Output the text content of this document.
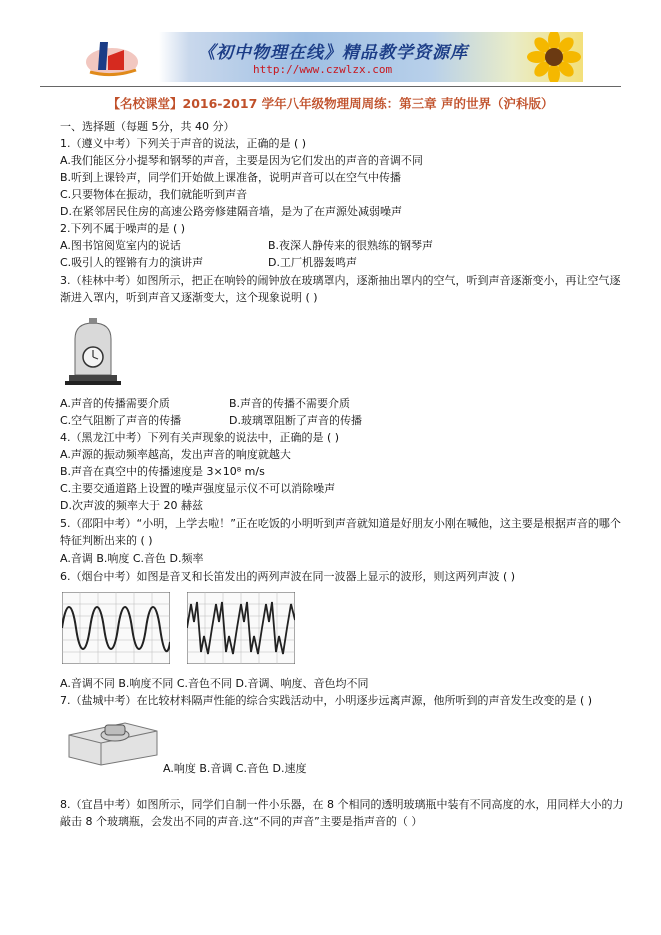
《初中物理在线》精品教学资源库
http://www.czwlzx.com
【名校课堂】2016-2017 学年八年级物理周周练：第三章 声的世界（沪科版）
一、选择题（每题 5分，共 40 分）
1.（遵义中考）下列关于声音的说法，正确的是 ( )
A.我们能区分小提琴和钢琴的声音，主要是因为它们发出的声音的音调不同
B.听到上课铃声，同学们开始做上课准备，说明声音可以在空气中传播
C.只要物体在振动，我们就能听到声音
D.在紧邻居民住房的高速公路旁修建隔音墙，是为了在声源处减弱噪声
2.下列不属于噪声的是 ( )
A.图书馆阅览室内的说话	B.夜深人静传来的很熟练的钢琴声
C.吸引人的铿锵有力的演讲声	D.工厂机器轰鸣声
3.（桂林中考）如图所示，把正在响铃的闹钟放在玻璃罩内，逐渐抽出罩内的空气，听到声音逐渐变小，再让空气逐渐进入罩内，听到声音又逐渐变大，这个现象说明 ( )
A.声音的传播需要介质	B.声音的传播不需要介质
C.空气阻断了声音的传播	D.玻璃罩阻断了声音的传播
4.（黑龙江中考）下列有关声现象的说法中，正确的是 ( )
A.声源的振动频率越高，发出声音的响度就越大
B.声音在真空中的传播速度是 3×10⁸ m/s
C.主要交通道路上设置的噪声强度显示仪不可以消除噪声
D.次声波的频率大于 20 赫兹
5.（邵阳中考）“小明，上学去啦！”正在吃饭的小明听到声音就知道是好朋友小刚在喊他，这主要是根据声音的哪个特征判断出来的 ( )
A.音调 B.响度 C.音色 D.频率
6.（烟台中考）如图是音叉和长笛发出的两列声波在同一波器上显示的波形，则这两列声波 ( )
A.音调不同 B.响度不同 C.音色不同 D.音调、响度、音色均不同
7.（盐城中考）在比较材料隔声性能的综合实践活动中，小明逐步远离声源，他所听到的声音发生改变的是 ( )
A.响度 B.音调 C.音色 D.速度
8.（宜昌中考）如图所示，同学们自制一件小乐器，在 8 个相同的透明玻璃瓶中装有不同高度的水，用同样大小的力敲击 8 个玻璃瓶，会发出不同的声音.这“不同的声音”主要是指声音的（ ）
